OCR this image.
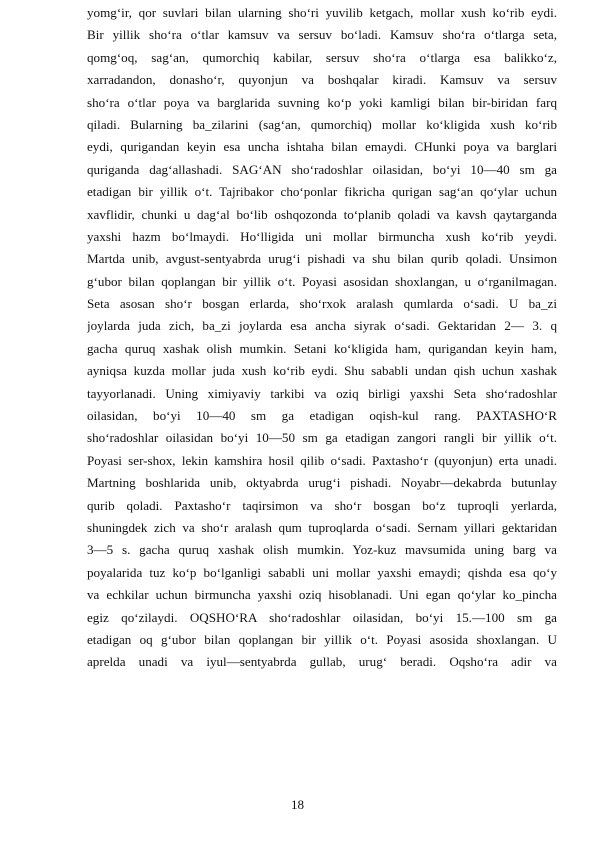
yomg‘ir, qor suvlari bilan ularning sho‘ri yuvilib ketgach, mollar xush ko‘rib eydi.
Bir yillik sho‘ra o‘tlar kamsuv va sersuv bo‘ladi. Kamsuv sho‘ra o‘tlarga seta,
qomg‘oq, sag‘an, qumorchiq kabilar, sersuv sho‘ra o‘tlarga esa balikko‘z,
xarradandon, donasho‘r, quyonjun va boshqalar kiradi. Kamsuv va sersuv
sho‘ra o‘tlar poya va barglarida suvning ko‘p yoki kamligi bilan bir-biridan farq
qiladi. Bularning ba_zilarini (sag‘an, qumorchiq) mollar ko‘kligida xush ko‘rib
eydi, qurigandan keyin esa uncha ishtaha bilan emaydi. CHunki poya va barglari
quriganda dag‘allashadi. SAG‘AN sho‘radoshlar oilasidan, bo‘yi 10—40 sm ga
etadigan bir yillik o‘t. Tajribakor cho‘ponlar fikricha qurigan sag‘an qo‘ylar uchun
xavflidir, chunki u dag‘al bo‘lib oshqozonda to‘planib qoladi va kavsh qaytarganda
yaxshi hazm bo‘lmaydi. Ho‘lligida uni mollar birmuncha xush ko‘rib yeydi.
Martda unib, avgust-sentyabrda urug‘i pishadi va shu bilan qurib qoladi. Unsimon
g‘ubor bilan qoplangan bir yillik o‘t. Poyasi asosidan shoxlangan, u o‘rganilmagan.
Seta asosan sho‘r bosgan erlarda, sho‘rxok aralash qumlarda o‘sadi. U ba_zi
joylarda juda zich, ba_zi joylarda esa ancha siyrak o‘sadi. Gektaridan 2— 3. q
gacha quruq xashak olish mumkin. Setani ko‘kligida ham, qurigandan keyin ham,
ayniqsa kuzda mollar juda xush ko‘rib eydi. Shu sababli undan qish uchun xashak
tayyorlanadi. Uning ximiyaviy tarkibi va oziq birligi yaxshi Seta sho‘radoshlar
oilasidan, bo‘yi 10—40 sm ga etadigan oqish-kul rang. PAXTASHO‘R
sho‘radoshlar oilasidan bo‘yi 10—50 sm ga etadigan zangori rangli bir yillik o‘t.
Poyasi ser-shox, lekin kamshira hosil qilib o‘sadi. Paxtasho‘r (quyonjun) erta unadi.
Martning boshlarida unib, oktyabrda urug‘i pishadi. Noyabr—dekabrda butunlay
qurib qoladi. Paxtasho‘r taqirsimon va sho‘r bosgan bo‘z tuproqli yerlarda,
shuningdek zich va sho‘r aralash qum tuproqlarda o‘sadi. Sernam yillari gektaridan
3—5 s. gacha quruq xashak olish mumkin. Yoz-kuz mavsumida uning barg va
poyalarida tuz ko‘p bo‘lganligi sababli uni mollar yaxshi emaydi; qishda esa qo‘y
va echkilar uchun birmuncha yaxshi oziq hisoblanadi. Uni egan qo‘ylar ko_pincha
egiz qo‘zilaydi. OQSHO‘RA sho‘radoshlar oilasidan, bo‘yi 15.—100 sm ga
etadigan oq g‘ubor bilan qoplangan bir yillik o‘t. Poyasi asosida shoxlangan. U
aprelda unadi va iyul—sentyabrda gullab, urug‘ beradi. Oqsho‘ra adir va
18
